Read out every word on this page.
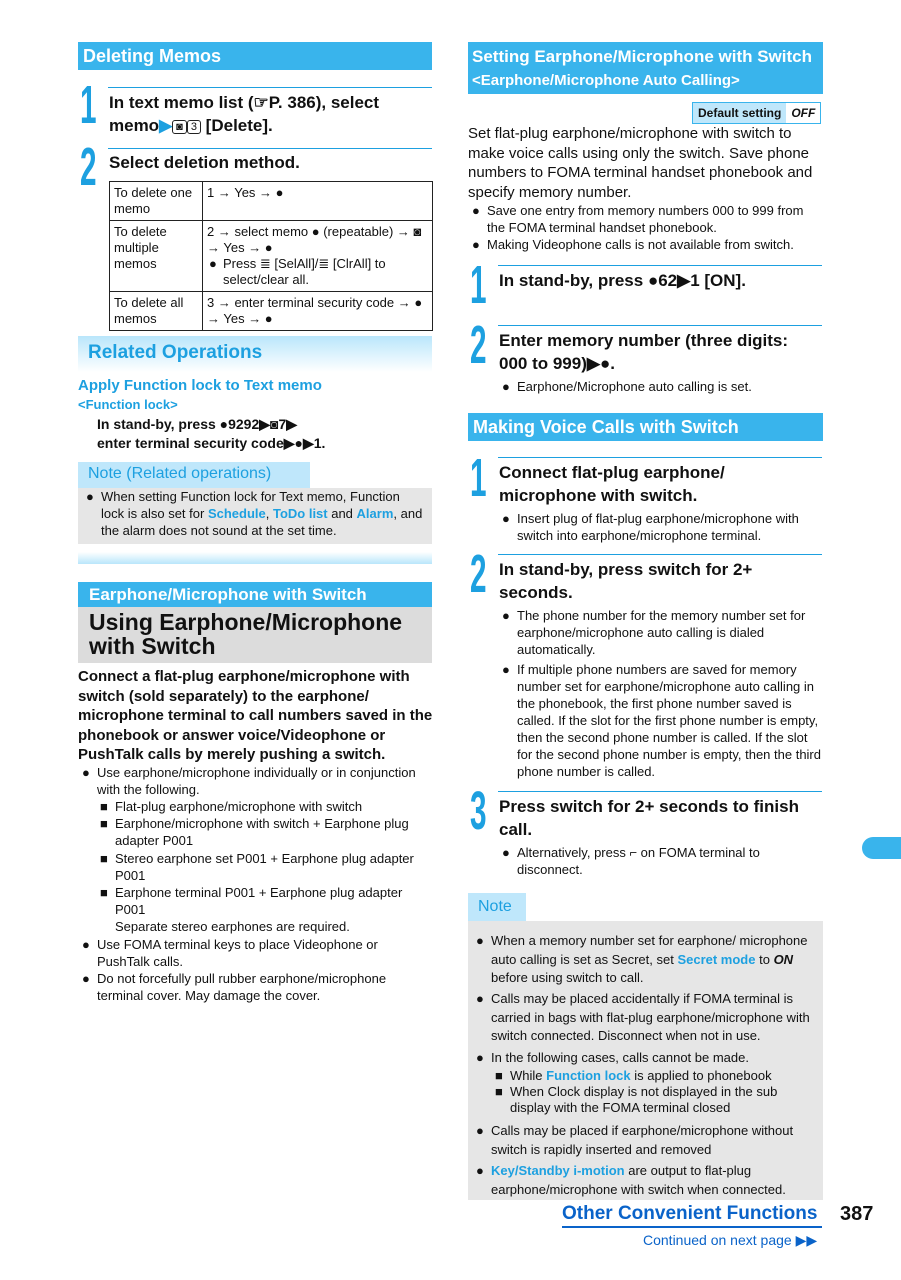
Deleting Memos
1 In text memo list (☞P. 386), select
memo▶ ◙ 3 [Delete].
2 Select deletion method.
To delete one memo	1 → Yes → ●
To delete multiple memos	2 → select memo ● (repeatable) → ◙ → Yes → ●
● Press ≣ [SelAll]/≣ [ClrAll] to select/clear all.

To delete all memos	3 → enter terminal security code → ● → Yes → ●
Related Operations
Apply Function lock to Text memo
<Function lock>
In stand-by, press ●9292▶◙7▶
enter terminal security code▶●▶1.
Note (Related operations)
● When setting Function lock for Text memo, Function lock is also set for Schedule, ToDo list and Alarm, and the alarm does not sound at the set time.
Earphone/Microphone with Switch
Using Earphone/Microphone with Switch
Connect a flat-plug earphone/microphone with switch (sold separately) to the earphone/ microphone terminal to call numbers saved in the phonebook or answer voice/Videophone or PushTalk calls by merely pushing a switch.
● Use earphone/microphone individually or in conjunction with the following.
■ Flat-plug earphone/microphone with switch
■ Earphone/microphone with switch + Earphone plug adapter P001
■ Stereo earphone set P001 + Earphone plug adapter P001
■ Earphone terminal P001 + Earphone plug adapter P001
Separate stereo earphones are required.
● Use FOMA terminal keys to place Videophone or PushTalk calls.
● Do not forcefully pull rubber earphone/microphone terminal cover. May damage the cover.
Setting Earphone/Microphone with Switch
<Earphone/Microphone Auto Calling>
Default setting OFF
Set flat-plug earphone/microphone with switch to make voice calls using only the switch. Save phone numbers to FOMA terminal handset phonebook and specify memory number.
● Save one entry from memory numbers 000 to 999 from the FOMA terminal handset phonebook.
● Making Videophone calls is not available from switch.
1 In stand-by, press ●62▶1 [ON].
2 Enter memory number (three digits: 000 to 999)▶●.
● Earphone/Microphone auto calling is set.
Making Voice Calls with Switch
1 Connect flat-plug earphone/ microphone with switch.
● Insert plug of flat-plug earphone/microphone with switch into earphone/microphone terminal.
2 In stand-by, press switch for 2+ seconds.
● The phone number for the memory number set for earphone/microphone auto calling is dialed automatically.
● If multiple phone numbers are saved for memory number set for earphone/microphone auto calling in the phonebook, the first phone number saved is called. If the slot for the first phone number is empty, then the second phone number is called. If the slot for the second phone number is empty, then the third phone number is called.
3 Press switch for 2+ seconds to finish call.
● Alternatively, press ⌐ on FOMA terminal to disconnect.
Note
● When a memory number set for earphone/ microphone auto calling is set as Secret, set Secret mode to ON before using switch to call.
● Calls may be placed accidentally if FOMA terminal is carried in bags with flat-plug earphone/microphone with switch connected. Disconnect when not in use.
● In the following cases, calls cannot be made.
■ While Function lock is applied to phonebook
■ When Clock display is not displayed in the sub display with the FOMA terminal closed
● Calls may be placed if earphone/microphone without switch is rapidly inserted and removed
● Key/Standby i-motion are output to flat-plug earphone/microphone with switch when connected.
Other Convenient Functions 387
Continued on next page ▶▶
